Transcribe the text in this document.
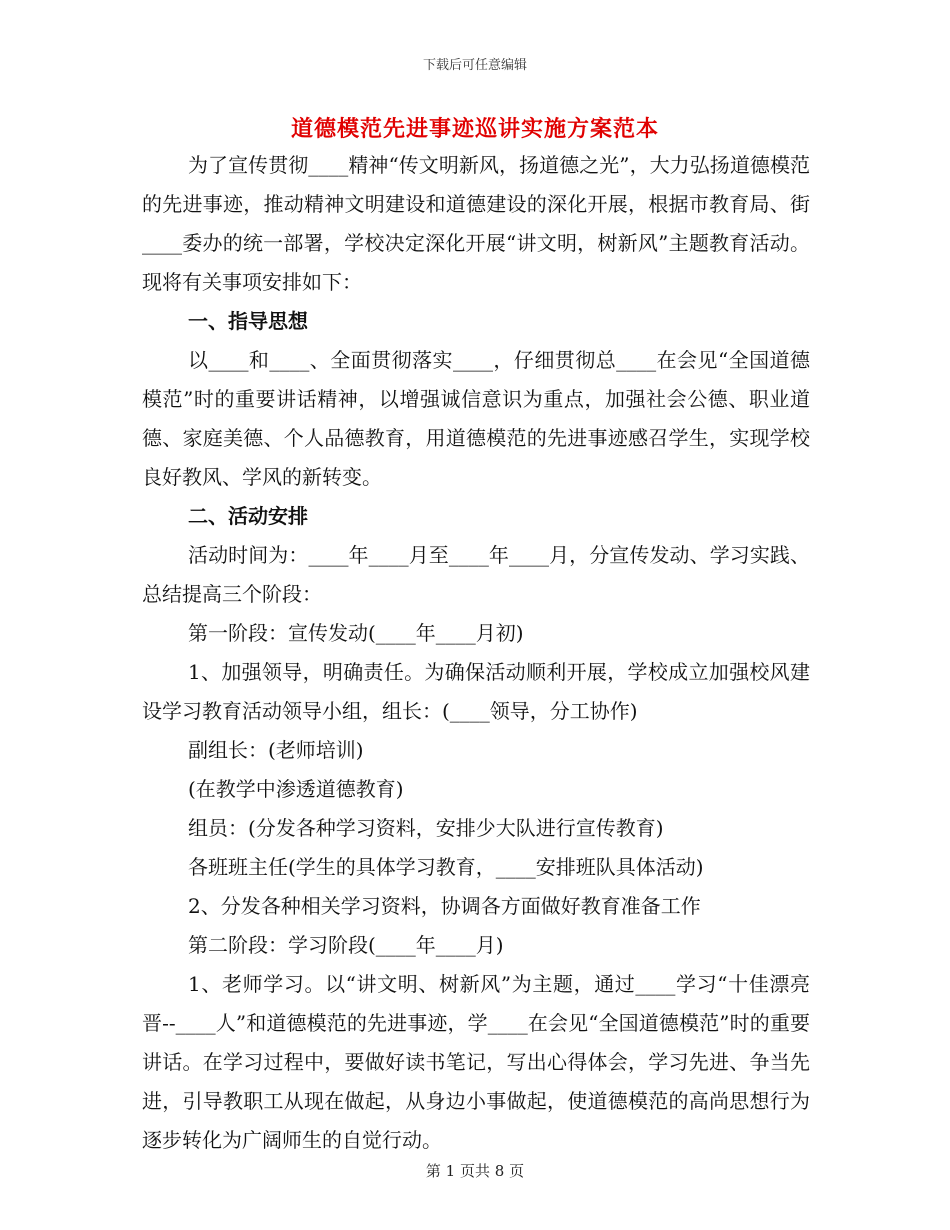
下载后可任意编辑
道德模范先进事迹巡讲实施方案范本

为了宣传贯彻____精神“传文明新风，扬道德之光”，大力弘扬道德模范的先进事迹，推动精神文明建设和道德建设的深化开展，根据市教育局、街____委办的统一部署，学校决定深化开展“讲文明，树新风”主题教育活动。现将有关事项安排如下：

一、指导思想

以____和____、全面贯彻落实____，仔细贯彻总____在会见“全国道德模范”时的重要讲话精神，以增强诚信意识为重点，加强社会公德、职业道德、家庭美德、个人品德教育，用道德模范的先进事迹感召学生，实现学校良好教风、学风的新转变。

二、活动安排

活动时间为：____年____月至____年____月，分宣传发动、学习实践、总结提高三个阶段：

第一阶段：宣传发动(____年____月初)

1、加强领导，明确责任。为确保活动顺利开展，学校成立加强校风建设学习教育活动领导小组，组长：(____领导，分工协作)

副组长：(老师培训)

(在教学中渗透道德教育)

组员：(分发各种学习资料，安排少大队进行宣传教育)

各班班主任(学生的具体学习教育，____安排班队具体活动)

2、分发各种相关学习资料，协调各方面做好教育准备工作

第二阶段：学习阶段(____年____月)

1、老师学习。以“讲文明、树新风”为主题，通过____学习“十佳漂亮晋--____人”和道德模范的先进事迹，学____在会见“全国道德模范”时的重要讲话。在学习过程中，要做好读书笔记，写出心得体会，学习先进、争当先进，引导教职工从现在做起，从身边小事做起，使道德模范的高尚思想行为逐步转化为广阔师生的自觉行动。

第 1 页共 8 页
